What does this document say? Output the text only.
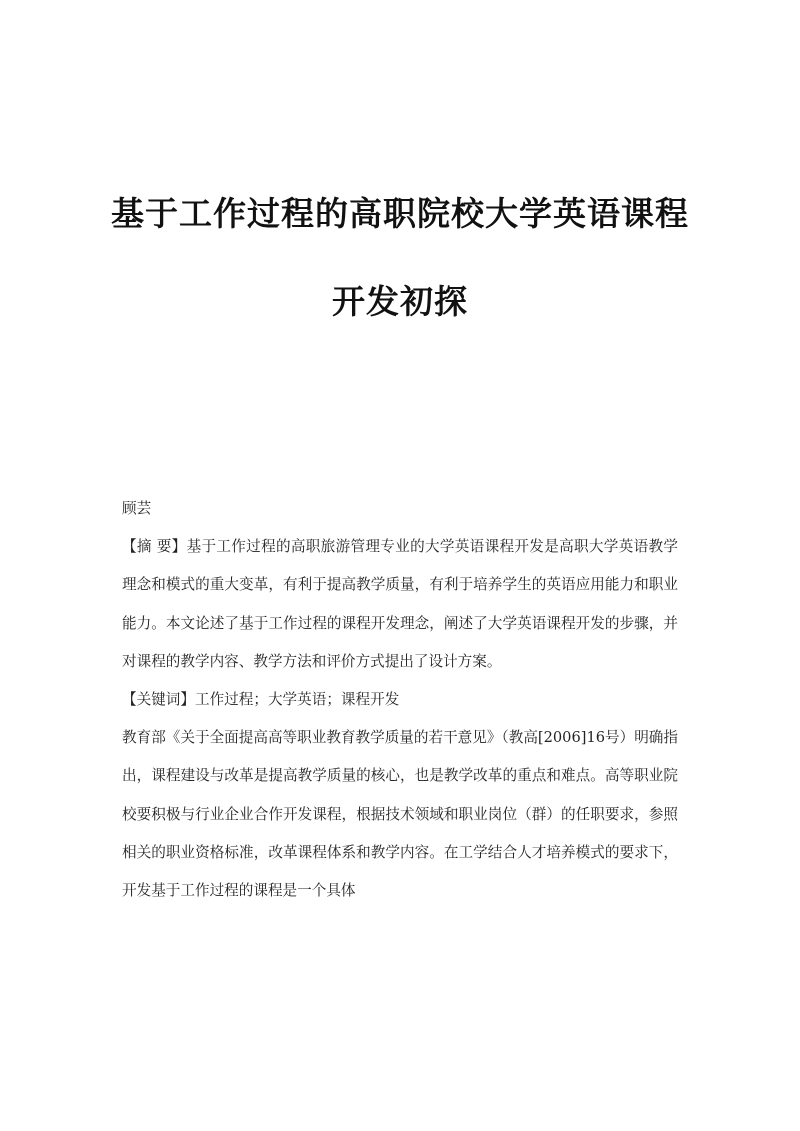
基于工作过程的高职院校大学英语课程
开发初探

顾芸

【摘 要】基于工作过程的高职旅游管理专业的大学英语课程开发是高职大学英语教学理念和模式的重大变革，有利于提高教学质量，有利于培养学生的英语应用能力和职业能力。本文论述了基于工作过程的课程开发理念，阐述了大学英语课程开发的步骤，并对课程的教学内容、教学方法和评价方式提出了设计方案。

【关键词】工作过程；大学英语；课程开发

教育部《关于全面提高高等职业教育教学质量的若干意见》（教高[2006]16号）明确指出，课程建设与改革是提高教学质量的核心，也是教学改革的重点和难点。高等职业院校要积极与行业企业合作开发课程，根据技术领域和职业岗位（群）的任职要求，参照相关的职业资格标准，改革课程体系和教学内容。在工学结合人才培养模式的要求下，开发基于工作过程的课程是一个具体
